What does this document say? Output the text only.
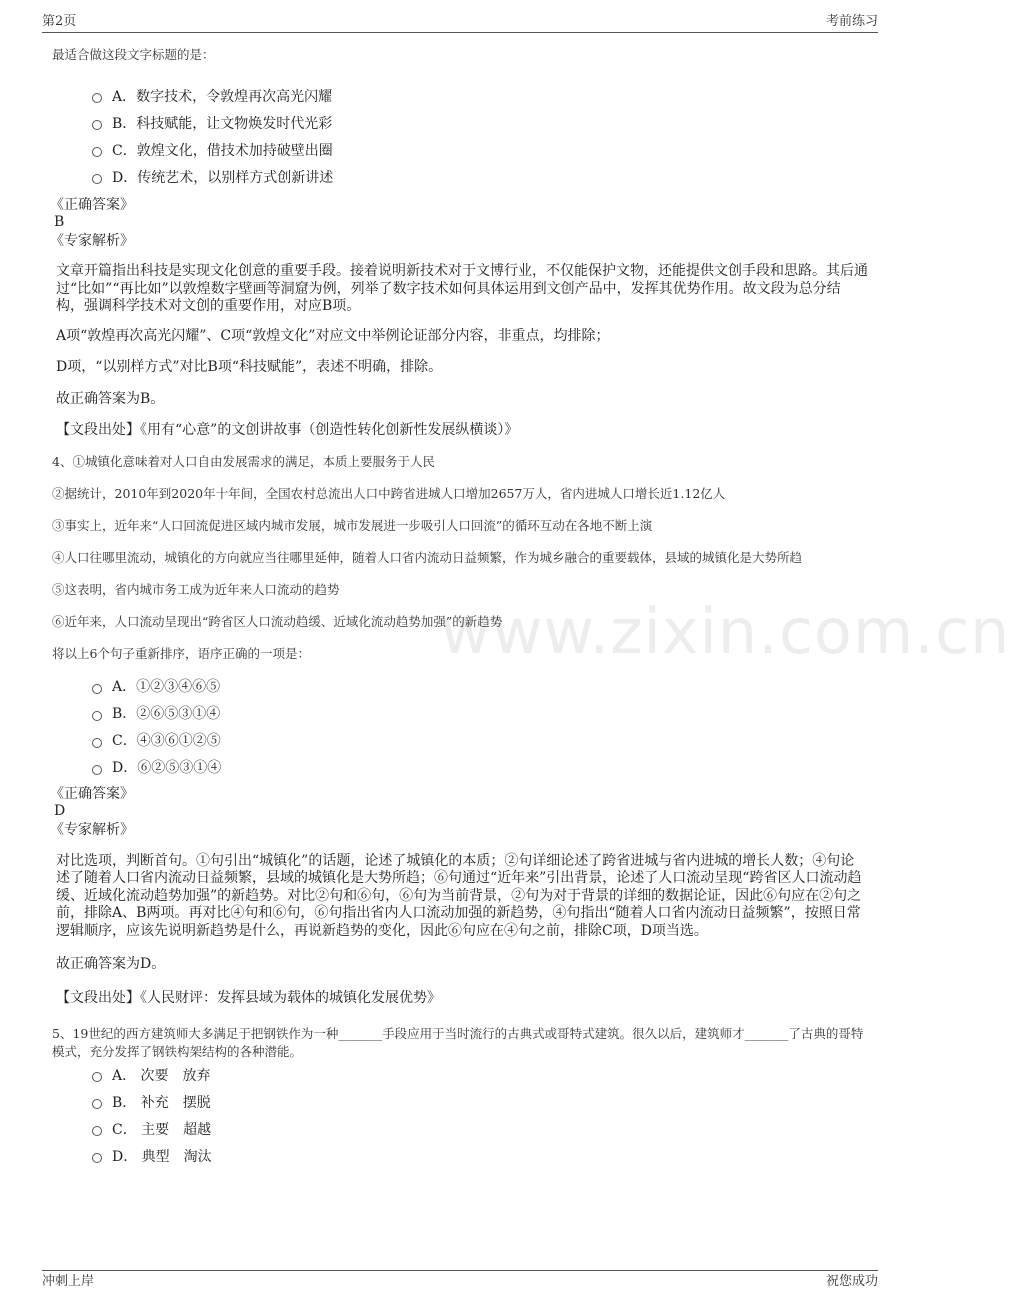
第2页	考前练习
www.zixin.com.cn
最适合做这段文字标题的是：
A．数字技术，令敦煌再次高光闪耀
B．科技赋能，让文物焕发时代光彩
C．敦煌文化，借技术加持破壁出圈
D．传统艺术，以别样方式创新讲述
《正确答案》
B
《专家解析》
文章开篇指出科技是实现文化创意的重要手段。接着说明新技术对于文博行业，不仅能保护文物，还能提供文创手段和思路。其后通过“比如”“再比如”以敦煌数字壁画等洞窟为例，列举了数字技术如何具体运用到文创产品中，发挥其优势作用。故文段为总分结构，强调科学技术对文创的重要作用，对应B项。
A项“敦煌再次高光闪耀”、C项“敦煌文化”对应文中举例论证部分内容，非重点，均排除；
D项，“以别样方式”对比B项“科技赋能”，表述不明确，排除。
故正确答案为B。
【文段出处】《用有“心意”的文创讲故事（创造性转化创新性发展纵横谈）》
4、①城镇化意味着对人口自由发展需求的满足，本质上要服务于人民
②据统计，2010年到2020年十年间，全国农村总流出人口中跨省进城人口增加2657万人，省内进城人口增长近1.12亿人
③事实上，近年来“人口回流促进区域内城市发展，城市发展进一步吸引人口回流”的循环互动在各地不断上演
④人口往哪里流动，城镇化的方向就应当往哪里延伸，随着人口省内流动日益频繁，作为城乡融合的重要载体，县域的城镇化是大势所趋
⑤这表明，省内城市务工成为近年来人口流动的趋势
⑥近年来，人口流动呈现出“跨省区人口流动趋缓、近域化流动趋势加强”的新趋势
将以上6个句子重新排序，语序正确的一项是：
A．①②③④⑥⑤
B．②⑥⑤③①④
C．④③⑥①②⑤
D．⑥②⑤③①④
《正确答案》
D
《专家解析》
对比选项，判断首句。①句引出“城镇化”的话题，论述了城镇化的本质；②句详细论述了跨省进城与省内进城的增长人数；④句论述了随着人口省内流动日益频繁，县域的城镇化是大势所趋；⑥句通过“近年来”引出背景，论述了人口流动呈现“跨省区人口流动趋缓、近域化流动趋势加强”的新趋势。对比②句和⑥句，⑥句为当前背景，②句为对于背景的详细的数据论证，因此⑥句应在②句之前，排除A、B两项。再对比④句和⑥句，⑥句指出省内人口流动加强的新趋势，④句指出“随着人口省内流动日益频繁”，按照日常逻辑顺序，应该先说明新趋势是什么，再说新趋势的变化，因此⑥句应在④句之前，排除C项，D项当选。
故正确答案为D。
【文段出处】《人民财评：发挥县域为载体的城镇化发展优势》
5、19世纪的西方建筑师大多满足于把钢铁作为一种_______手段应用于当时流行的古典式或哥特式建筑。很久以后，建筑师才_______了古典的哥特模式，充分发挥了钢铁构架结构的各种潜能。
A． 次要　放弃
B． 补充　摆脱
C． 主要　超越
D． 典型　淘汰
冲刺上岸	祝您成功
